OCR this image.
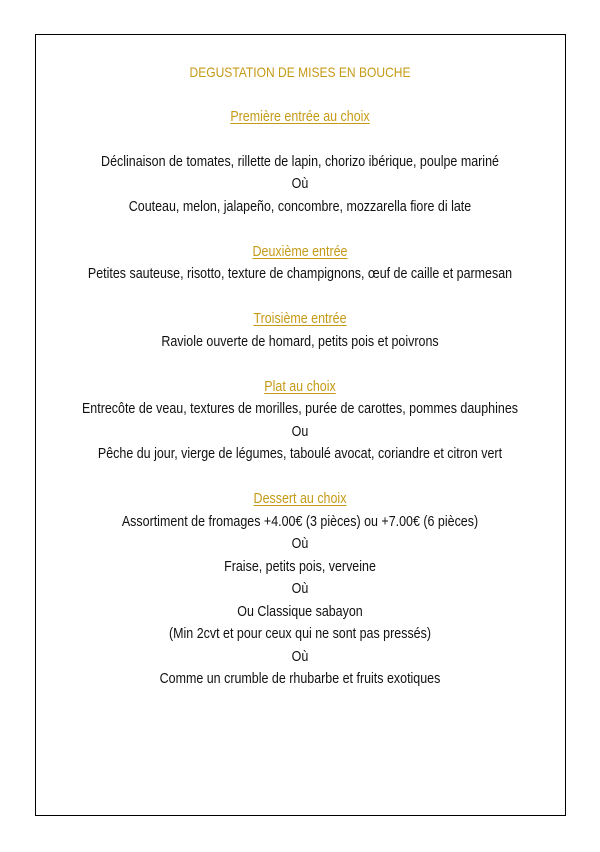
DEGUSTATION DE MISES EN BOUCHE
Première entrée au choix
Déclinaison de tomates, rillette de lapin, chorizo ibérique, poulpe mariné
Où
Couteau, melon, jalapeño, concombre, mozzarella fiore di late
Deuxième entrée
Petites sauteuse, risotto, texture de champignons, œuf de caille et parmesan
Troisième entrée
Raviole ouverte de homard, petits pois et poivrons
Plat au choix
Entrecôte de veau, textures de morilles, purée de carottes, pommes dauphines
Ou
Pêche du jour, vierge de légumes, taboulé avocat, coriandre et citron vert
Dessert au choix
Assortiment de fromages +4.00€ (3 pièces) ou +7.00€ (6 pièces)
Où
Fraise, petits pois, verveine
Où
Ou Classique sabayon
(Min 2cvt et pour ceux qui ne sont pas pressés)
Où
Comme un crumble de rhubarbe et fruits exotiques
